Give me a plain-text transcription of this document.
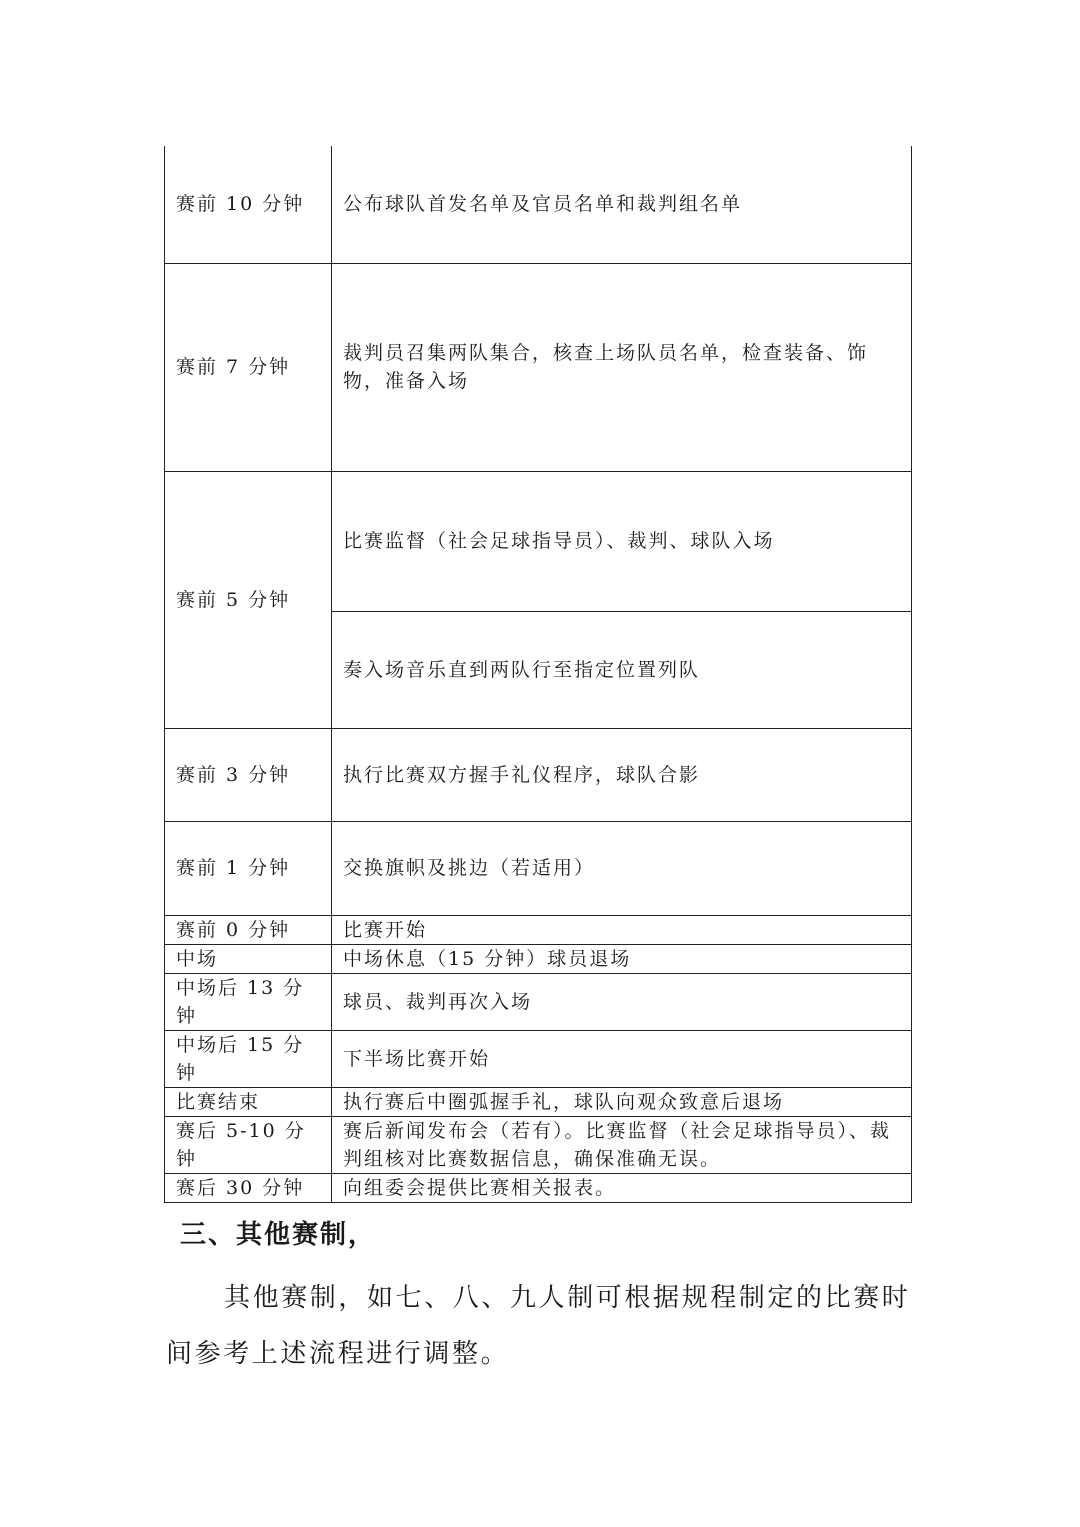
赛前 10 分钟	公布球队首发名单及官员名单和裁判组名单
赛前 7 分钟	裁判员召集两队集合，核查上场队员名单，检查装备、饰物，准备入场
赛前 5 分钟	比赛监督（社会足球指导员）、裁判、球队入场
	奏入场音乐直到两队行至指定位置列队
赛前 3 分钟	执行比赛双方握手礼仪程序，球队合影
赛前 1 分钟	交换旗帜及挑边（若适用）
赛前 0 分钟	比赛开始
中场	中场休息（15 分钟）球员退场
中场后 13 分钟	球员、裁判再次入场
中场后 15 分钟	下半场比赛开始
比赛结束	执行赛后中圈弧握手礼，球队向观众致意后退场
赛后 5-10 分钟	赛后新闻发布会（若有）。比赛监督（社会足球指导员）、裁判组核对比赛数据信息，确保准确无误。
赛后 30 分钟	向组委会提供比赛相关报表。
三、其他赛制，

其他赛制，如七、八、九人制可根据规程制定的比赛时间参考上述流程进行调整。
